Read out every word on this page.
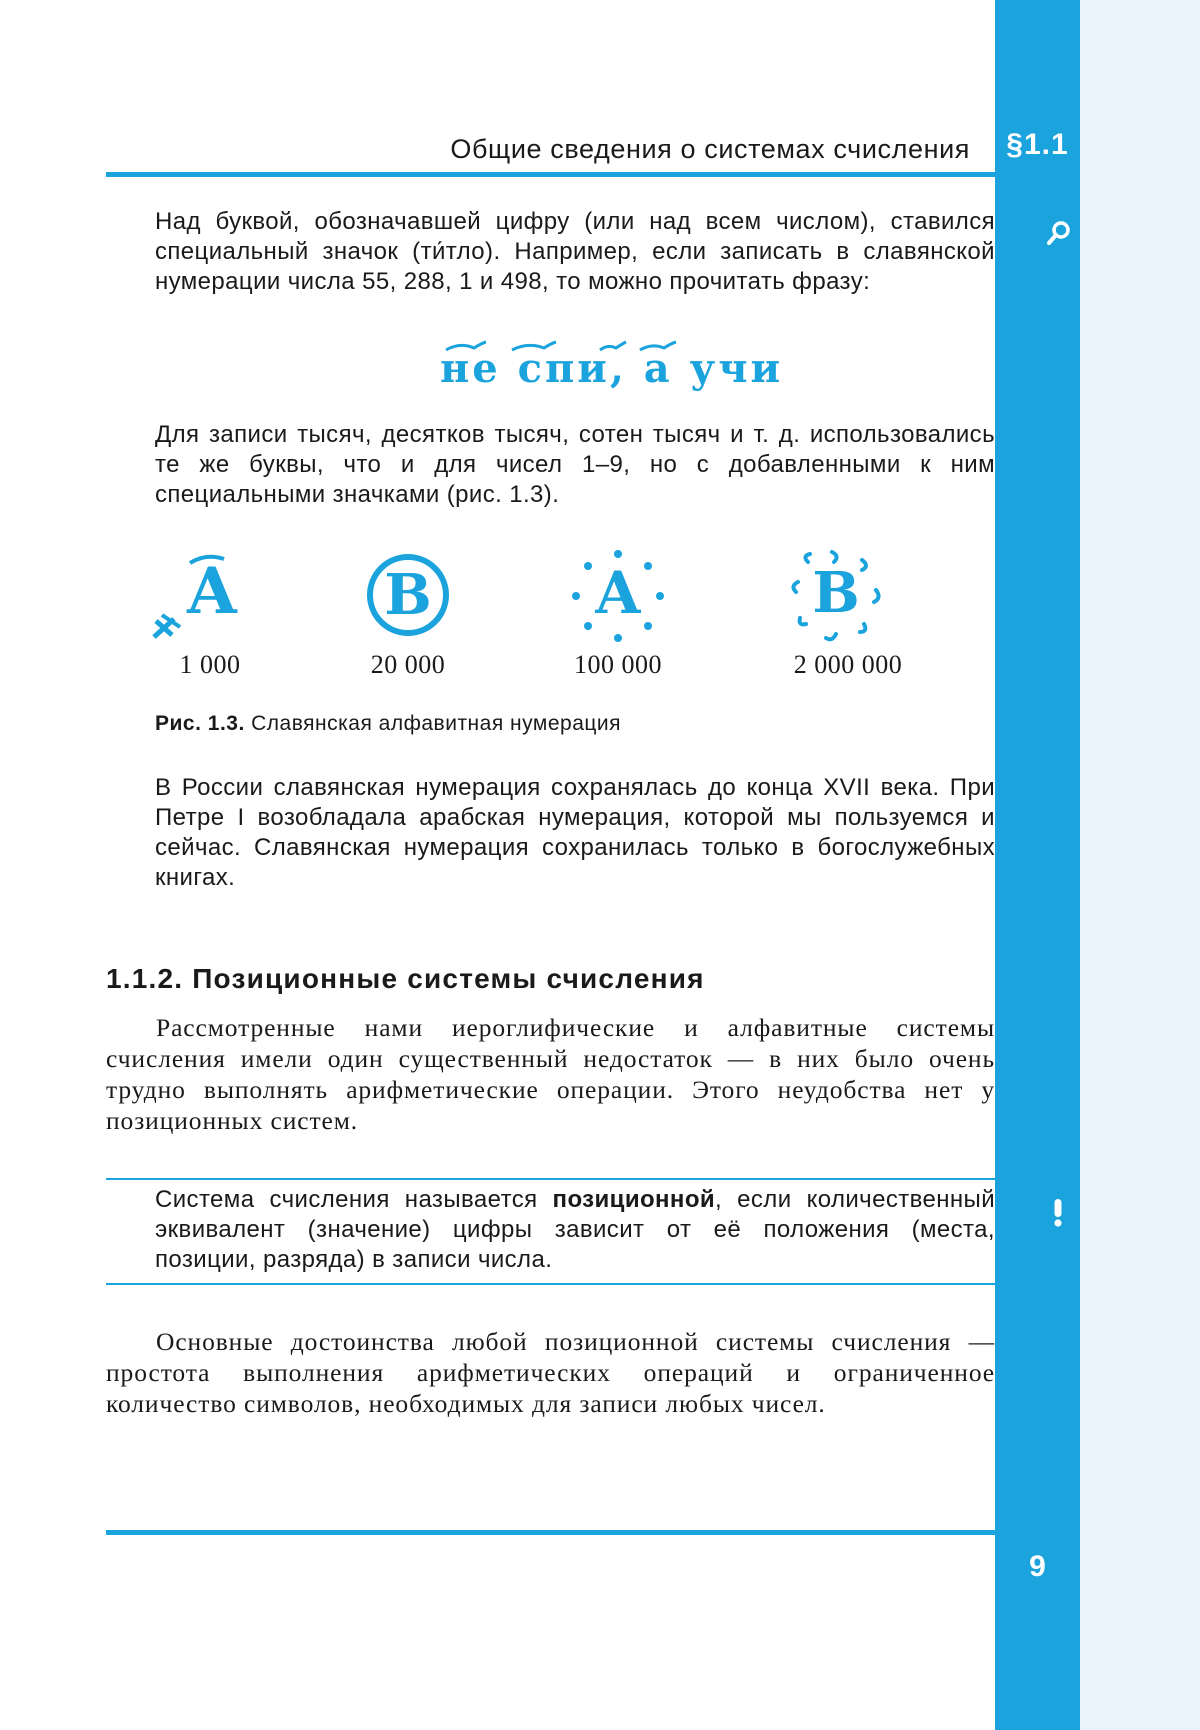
Общие сведения о системах счисления	§1.1
Над буквой, обозначавшей цифру (или над всем числом), ставился специальный значок (ти́тло). Например, если записать в славянской нумерации числа 55, 288, 1 и 498, то можно прочитать фразу:
не спи, а учи
Для записи тысяч, десятков тысяч, сотен тысяч и т. д. использовались те же буквы, что и для чисел 1–9, но с добавленными к ним специальными значками (рис. 1.3).
А
1 000
В
20 000
А
100 000
В
2 000 000
Рис. 1.3. Славянская алфавитная нумерация
В России славянская нумерация сохранялась до конца XVII века. При Петре I возобладала арабская нумерация, которой мы пользуемся и сейчас. Славянская нумерация сохранилась только в богослужебных книгах.
1.1.2. Позиционные системы счисления
Рассмотренные нами иероглифические и алфавитные системы счисления имели один существенный недостаток — в них было очень трудно выполнять арифметические операции. Этого неудобства нет у позиционных систем.
Система счисления называется позиционной, если количественный эквивалент (значение) цифры зависит от её положения (места, позиции, разряда) в записи числа.
Основные достоинства любой позиционной системы счисления — простота выполнения арифметических операций и ограниченное количество символов, необходимых для записи любых чисел.
9
